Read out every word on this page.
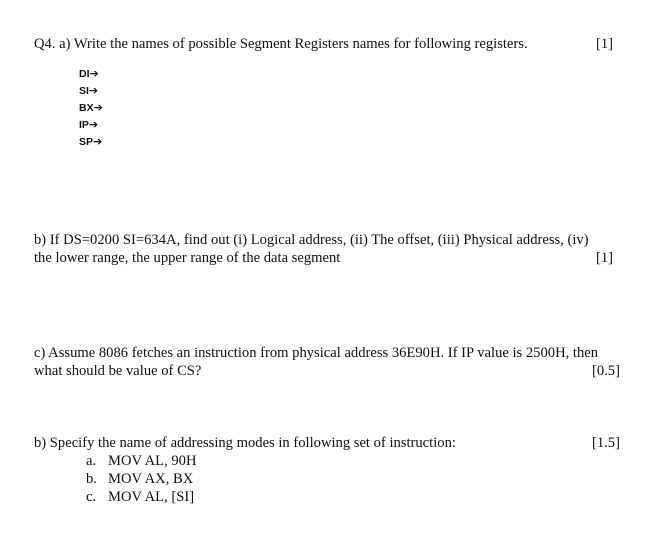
Q4. a) Write the names of possible Segment Registers names for following registers.	[1]
DI➔
SI➔
BX➔
IP➔
SP➔
b) If DS=0200 SI=634A, find out (i) Logical address, (ii) The offset, (iii) Physical address, (iv)
the lower range, the upper range of the data segment	[1]
c) Assume 8086 fetches an instruction from physical address 36E90H. If IP value is 2500H, then
what should be value of CS?	[0.5]
b) Specify the name of addressing modes in following set of instruction:	[1.5]
a. MOV AL, 90H
b. MOV AX, BX
c. MOV AL, [SI]
